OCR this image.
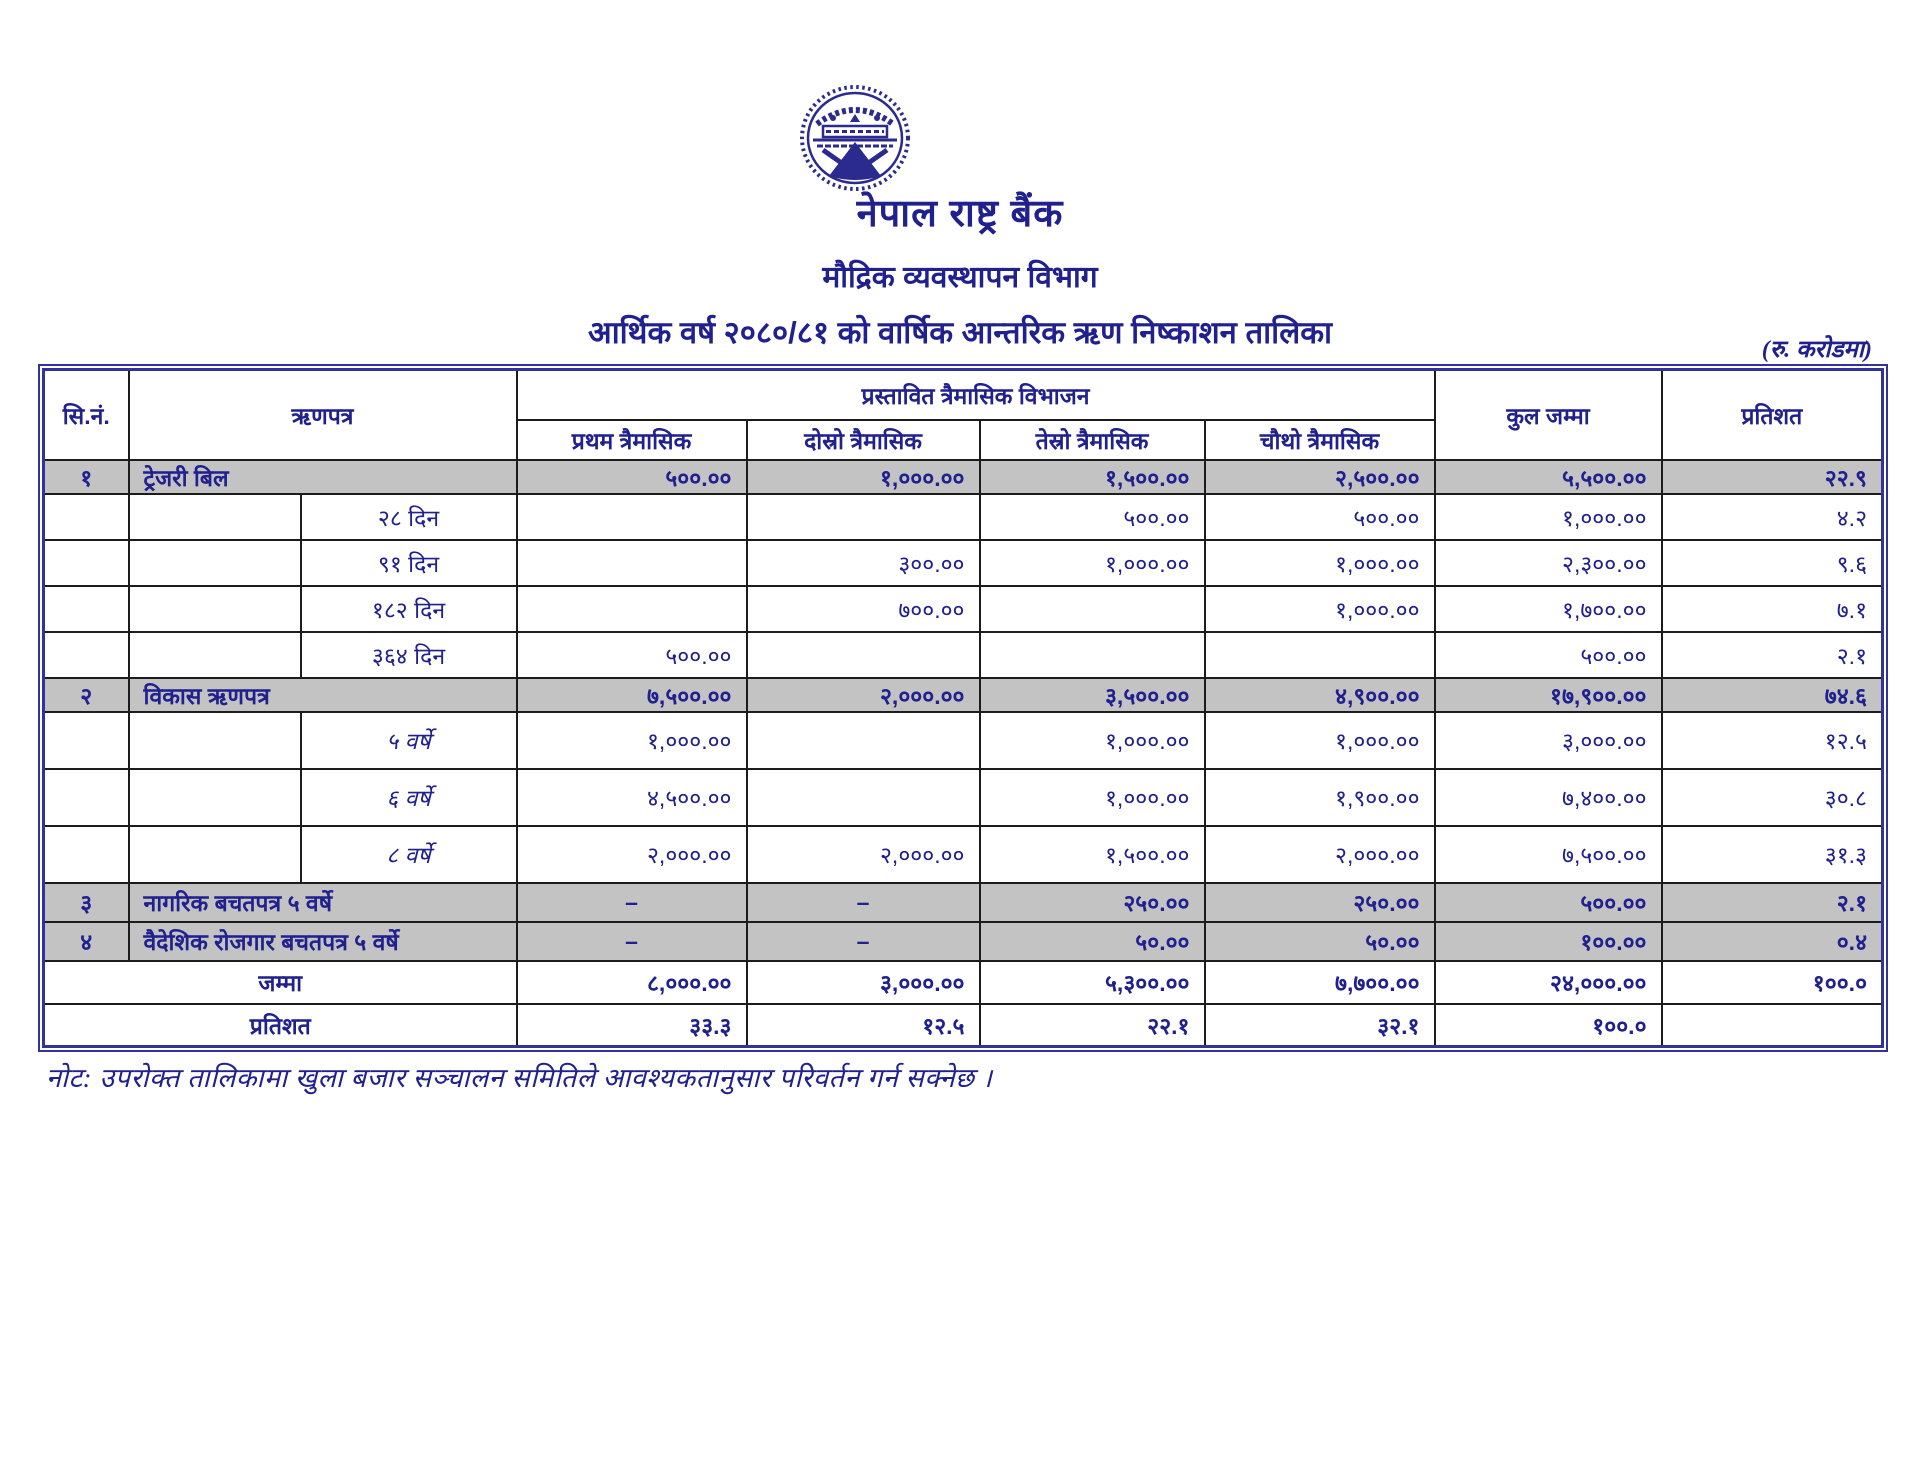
नेपाल राष्ट्र बैंक
मौद्रिक व्यवस्थापन विभाग
आर्थिक वर्ष २०८०/८१ को वार्षिक आन्तरिक ऋण निष्काशन तालिका	(रु. करोडमा)
सि.नं.	ऋणपत्र		प्रस्तावित त्रैमासिक विभाजन				कुल जम्मा	प्रतिशत
			प्रथम त्रैमासिक	दोस्रो त्रैमासिक	तेस्रो त्रैमासिक	चौथो त्रैमासिक		
१	ट्रेजरी बिल		५००.००	१,०००.००	१,५००.००	२,५००.००	५,५००.००	२२.९
		२८ दिन			५००.००	५००.००	१,०००.००	४.२
		९१ दिन		३००.००	१,०००.००	१,०००.००	२,३००.००	९.६
		१८२ दिन		७००.००		१,०००.००	१,७००.००	७.१
		३६४ दिन	५००.००				५००.००	२.१
२	विकास ऋणपत्र		७,५००.००	२,०००.००	३,५००.००	४,९००.००	१७,९००.००	७४.६
		५ वर्षे	१,०००.००		१,०००.००	१,०००.००	३,०००.००	१२.५
		६ वर्षे	४,५००.००		१,०००.००	१,९००.००	७,४००.००	३०.८
		८ वर्षे	२,०००.००	२,०००.००	१,५००.००	२,०००.००	७,५००.००	३१.३
३	नागरिक बचतपत्र ५ वर्षे		–	–	२५०.००	२५०.००	५००.००	२.१
४	वैदेशिक रोजगार बचतपत्र ५ वर्षे		–	–	५०.००	५०.००	१००.००	०.४
जम्मा			८,०००.००	३,०००.००	५,३००.००	७,७००.००	२४,०००.००	१००.०
प्रतिशत			३३.३	१२.५	२२.१	३२.१	१००.०	
नोट: उपरोक्त तालिकामा खुला बजार सञ्चालन समितिले आवश्यकतानुसार परिवर्तन गर्न सक्नेछ ।
